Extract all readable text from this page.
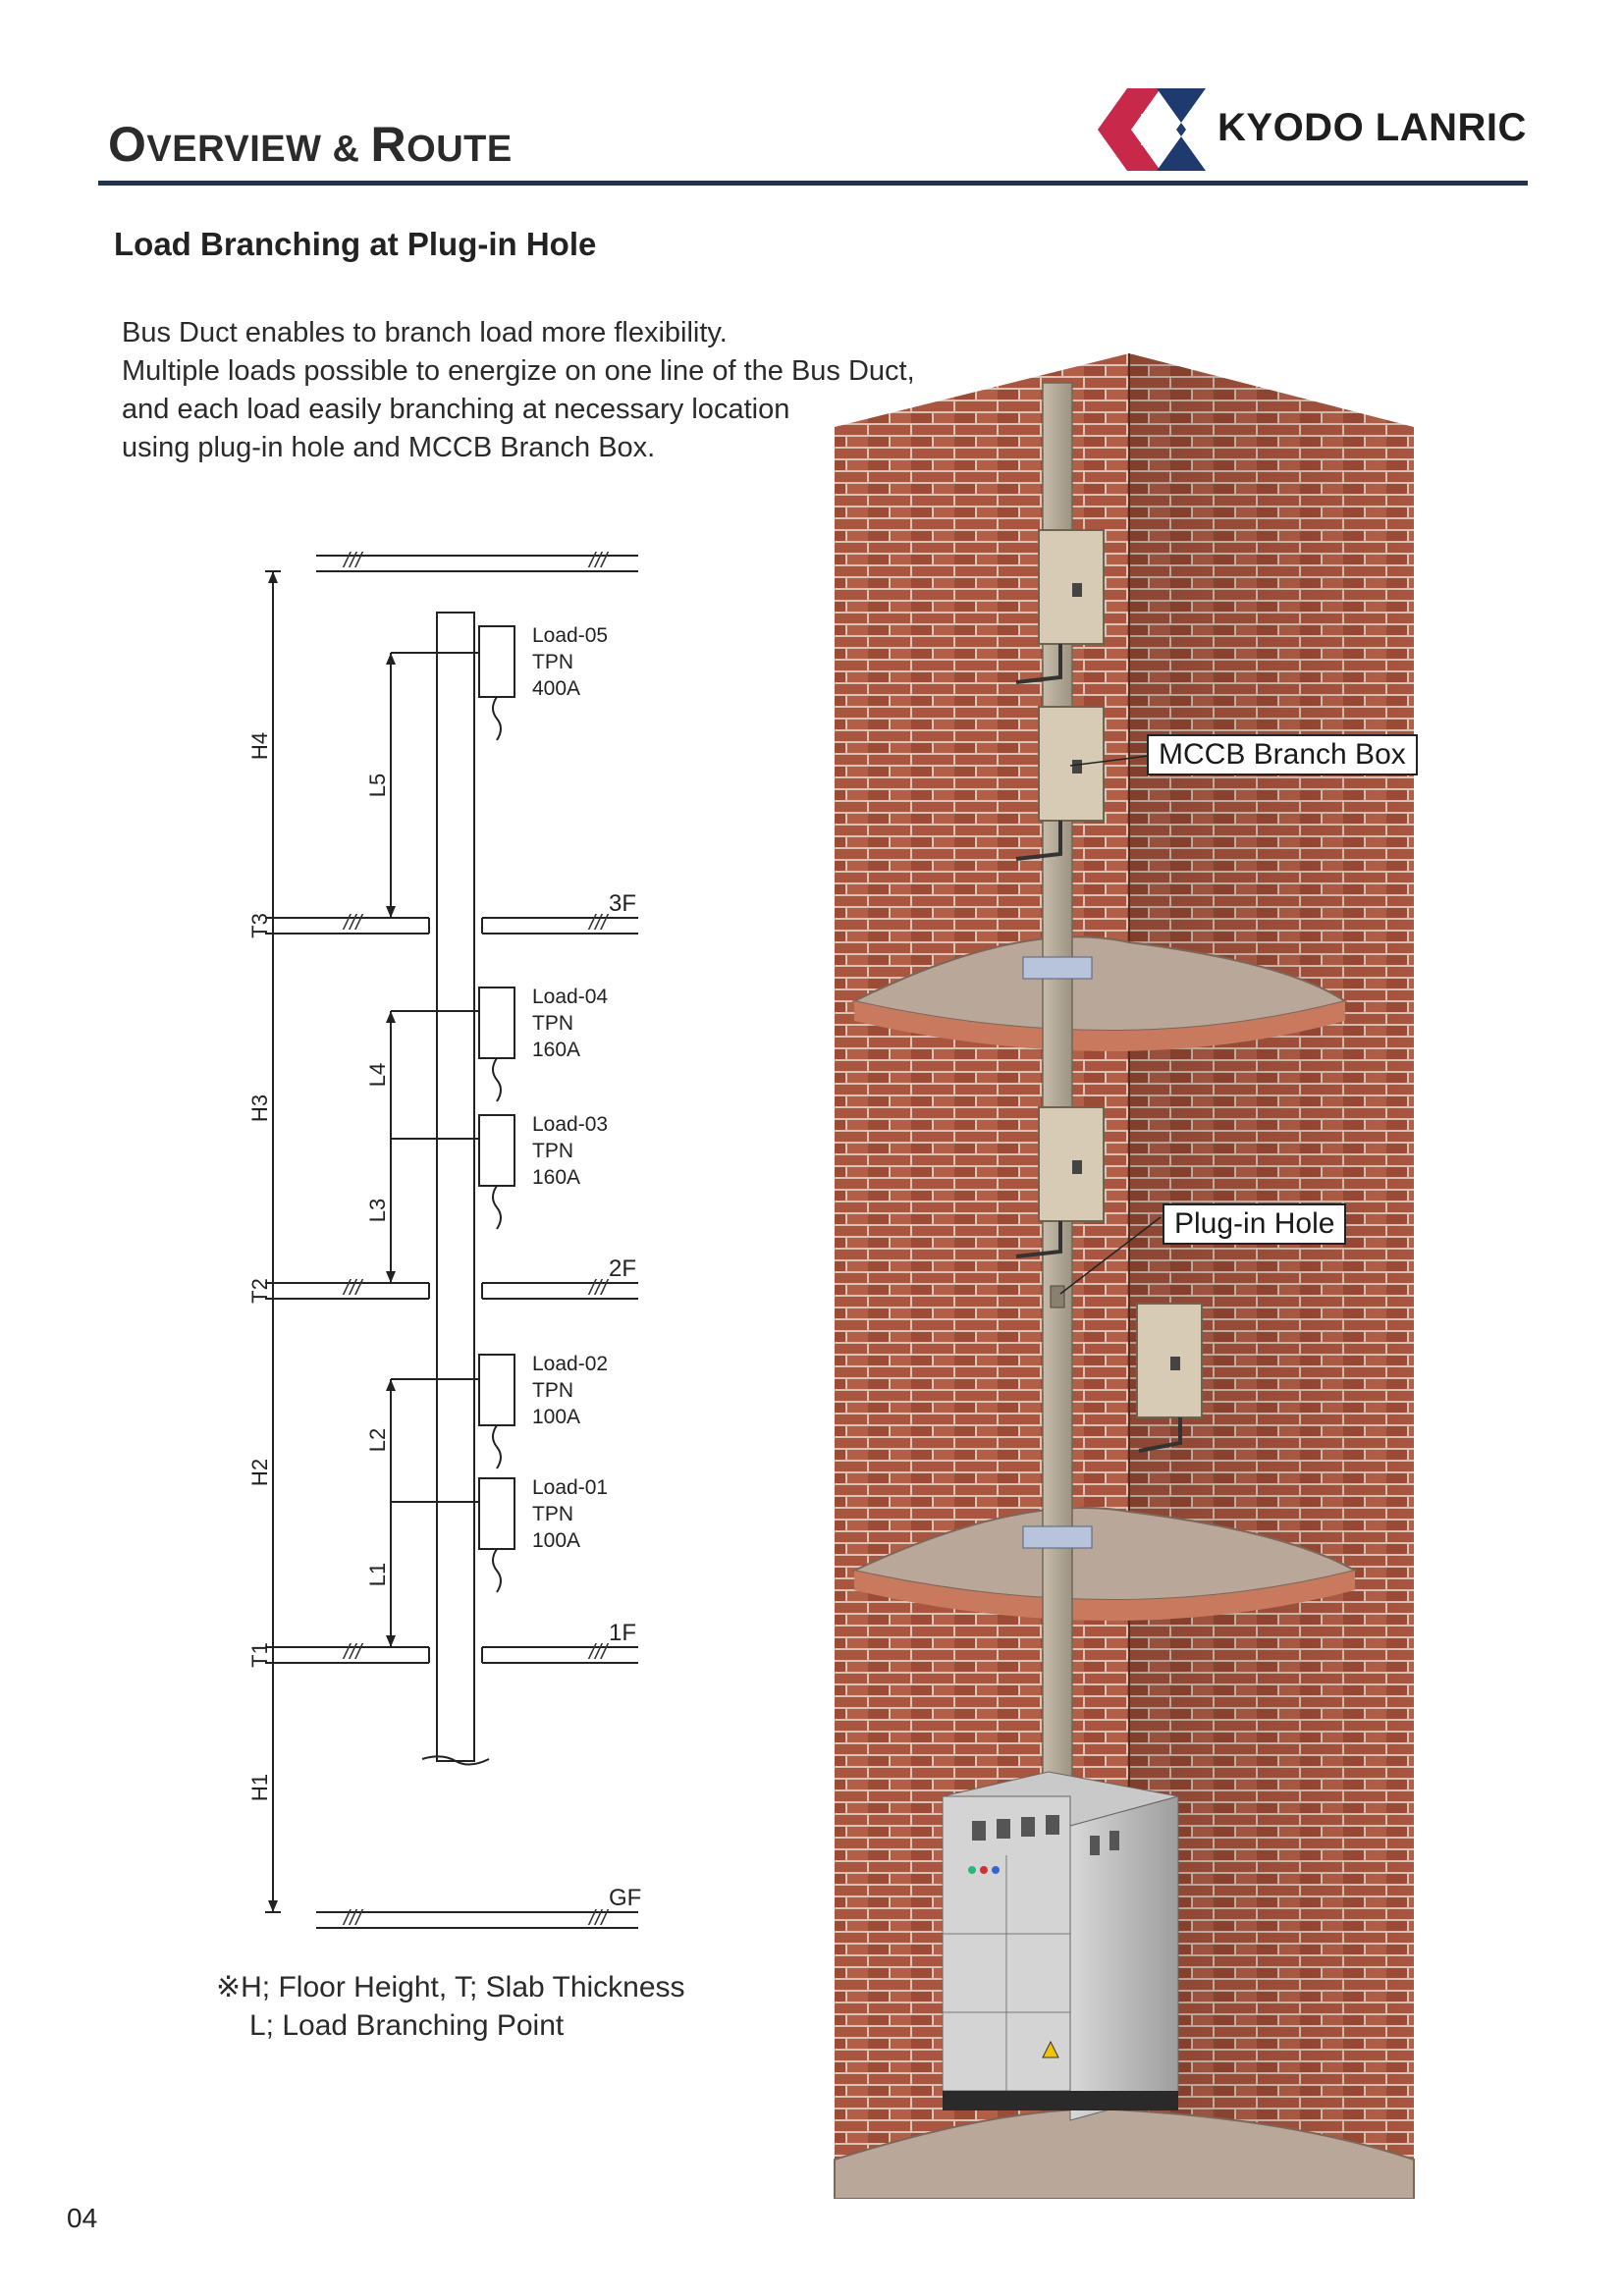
OVERVIEW & ROUTE	KYODO LANRIC
Load Branching at Plug-in Hole
Bus Duct enables to branch load more flexibility.
Multiple loads possible to energize on one line of the Bus Duct,
and each load easily branching at necessary location
using plug-in hole and MCCB Branch Box.
///	///
///	///
///	///
///	///
///	///
3F
2F
1F
GF
H4
H3
H2
H1
T3
T2
T1
L5
L4
L3
L2
L1
Load-05
TPN
400A
Load-04
TPN
160A
Load-03
TPN
160A
Load-02
TPN
100A
Load-01
TPN
100A
MCCB Branch Box
Plug-in Hole
※H; Floor Height, T; Slab Thickness
L; Load Branching Point
04
